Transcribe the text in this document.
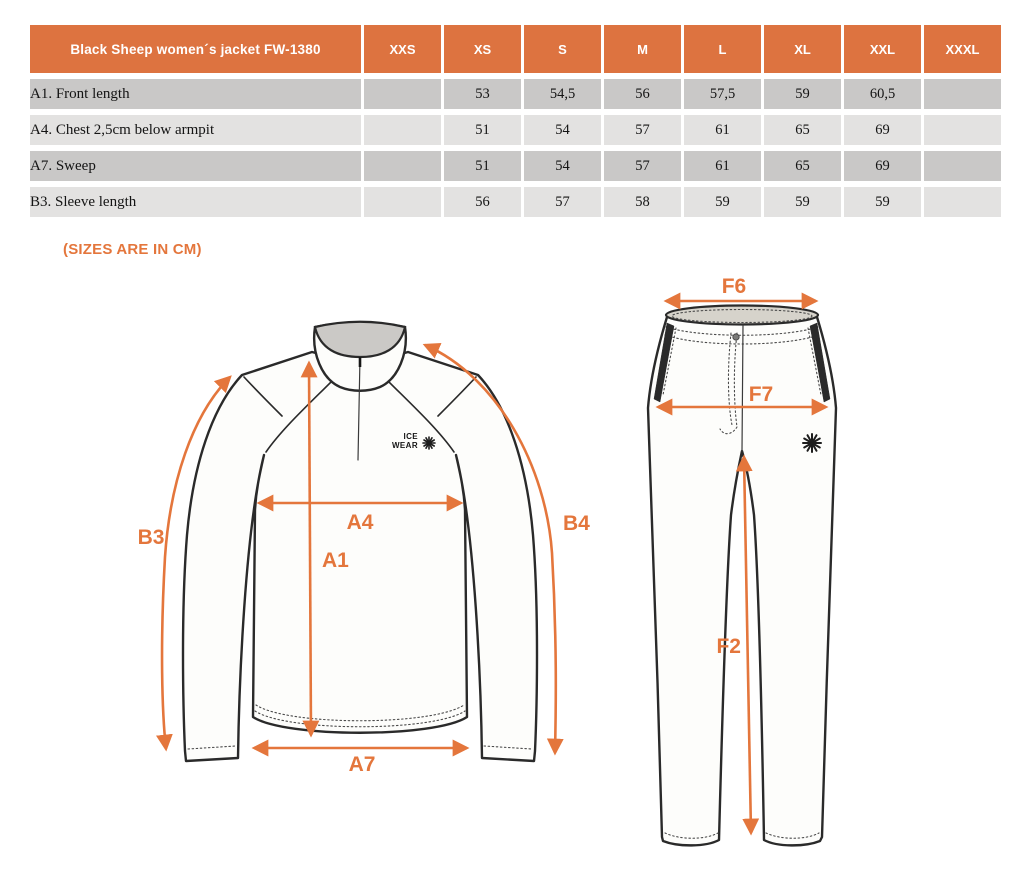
Black Sheep women´s jacket FW-1380	XXS	XS	S	M	L	XL	XXL	XXXL
A1. Front length		53	54,5	56	57,5	59	60,5	
A4. Chest 2,5cm below armpit		51	54	57	61	65	69	
A7. Sweep		51	54	57	61	65	69	
B3. Sleeve length		56	57	58	59	59	59	
(SIZES ARE IN CM)
ICE
WEAR
A1
A4
A7
B3
B4
F6
F7
F2
